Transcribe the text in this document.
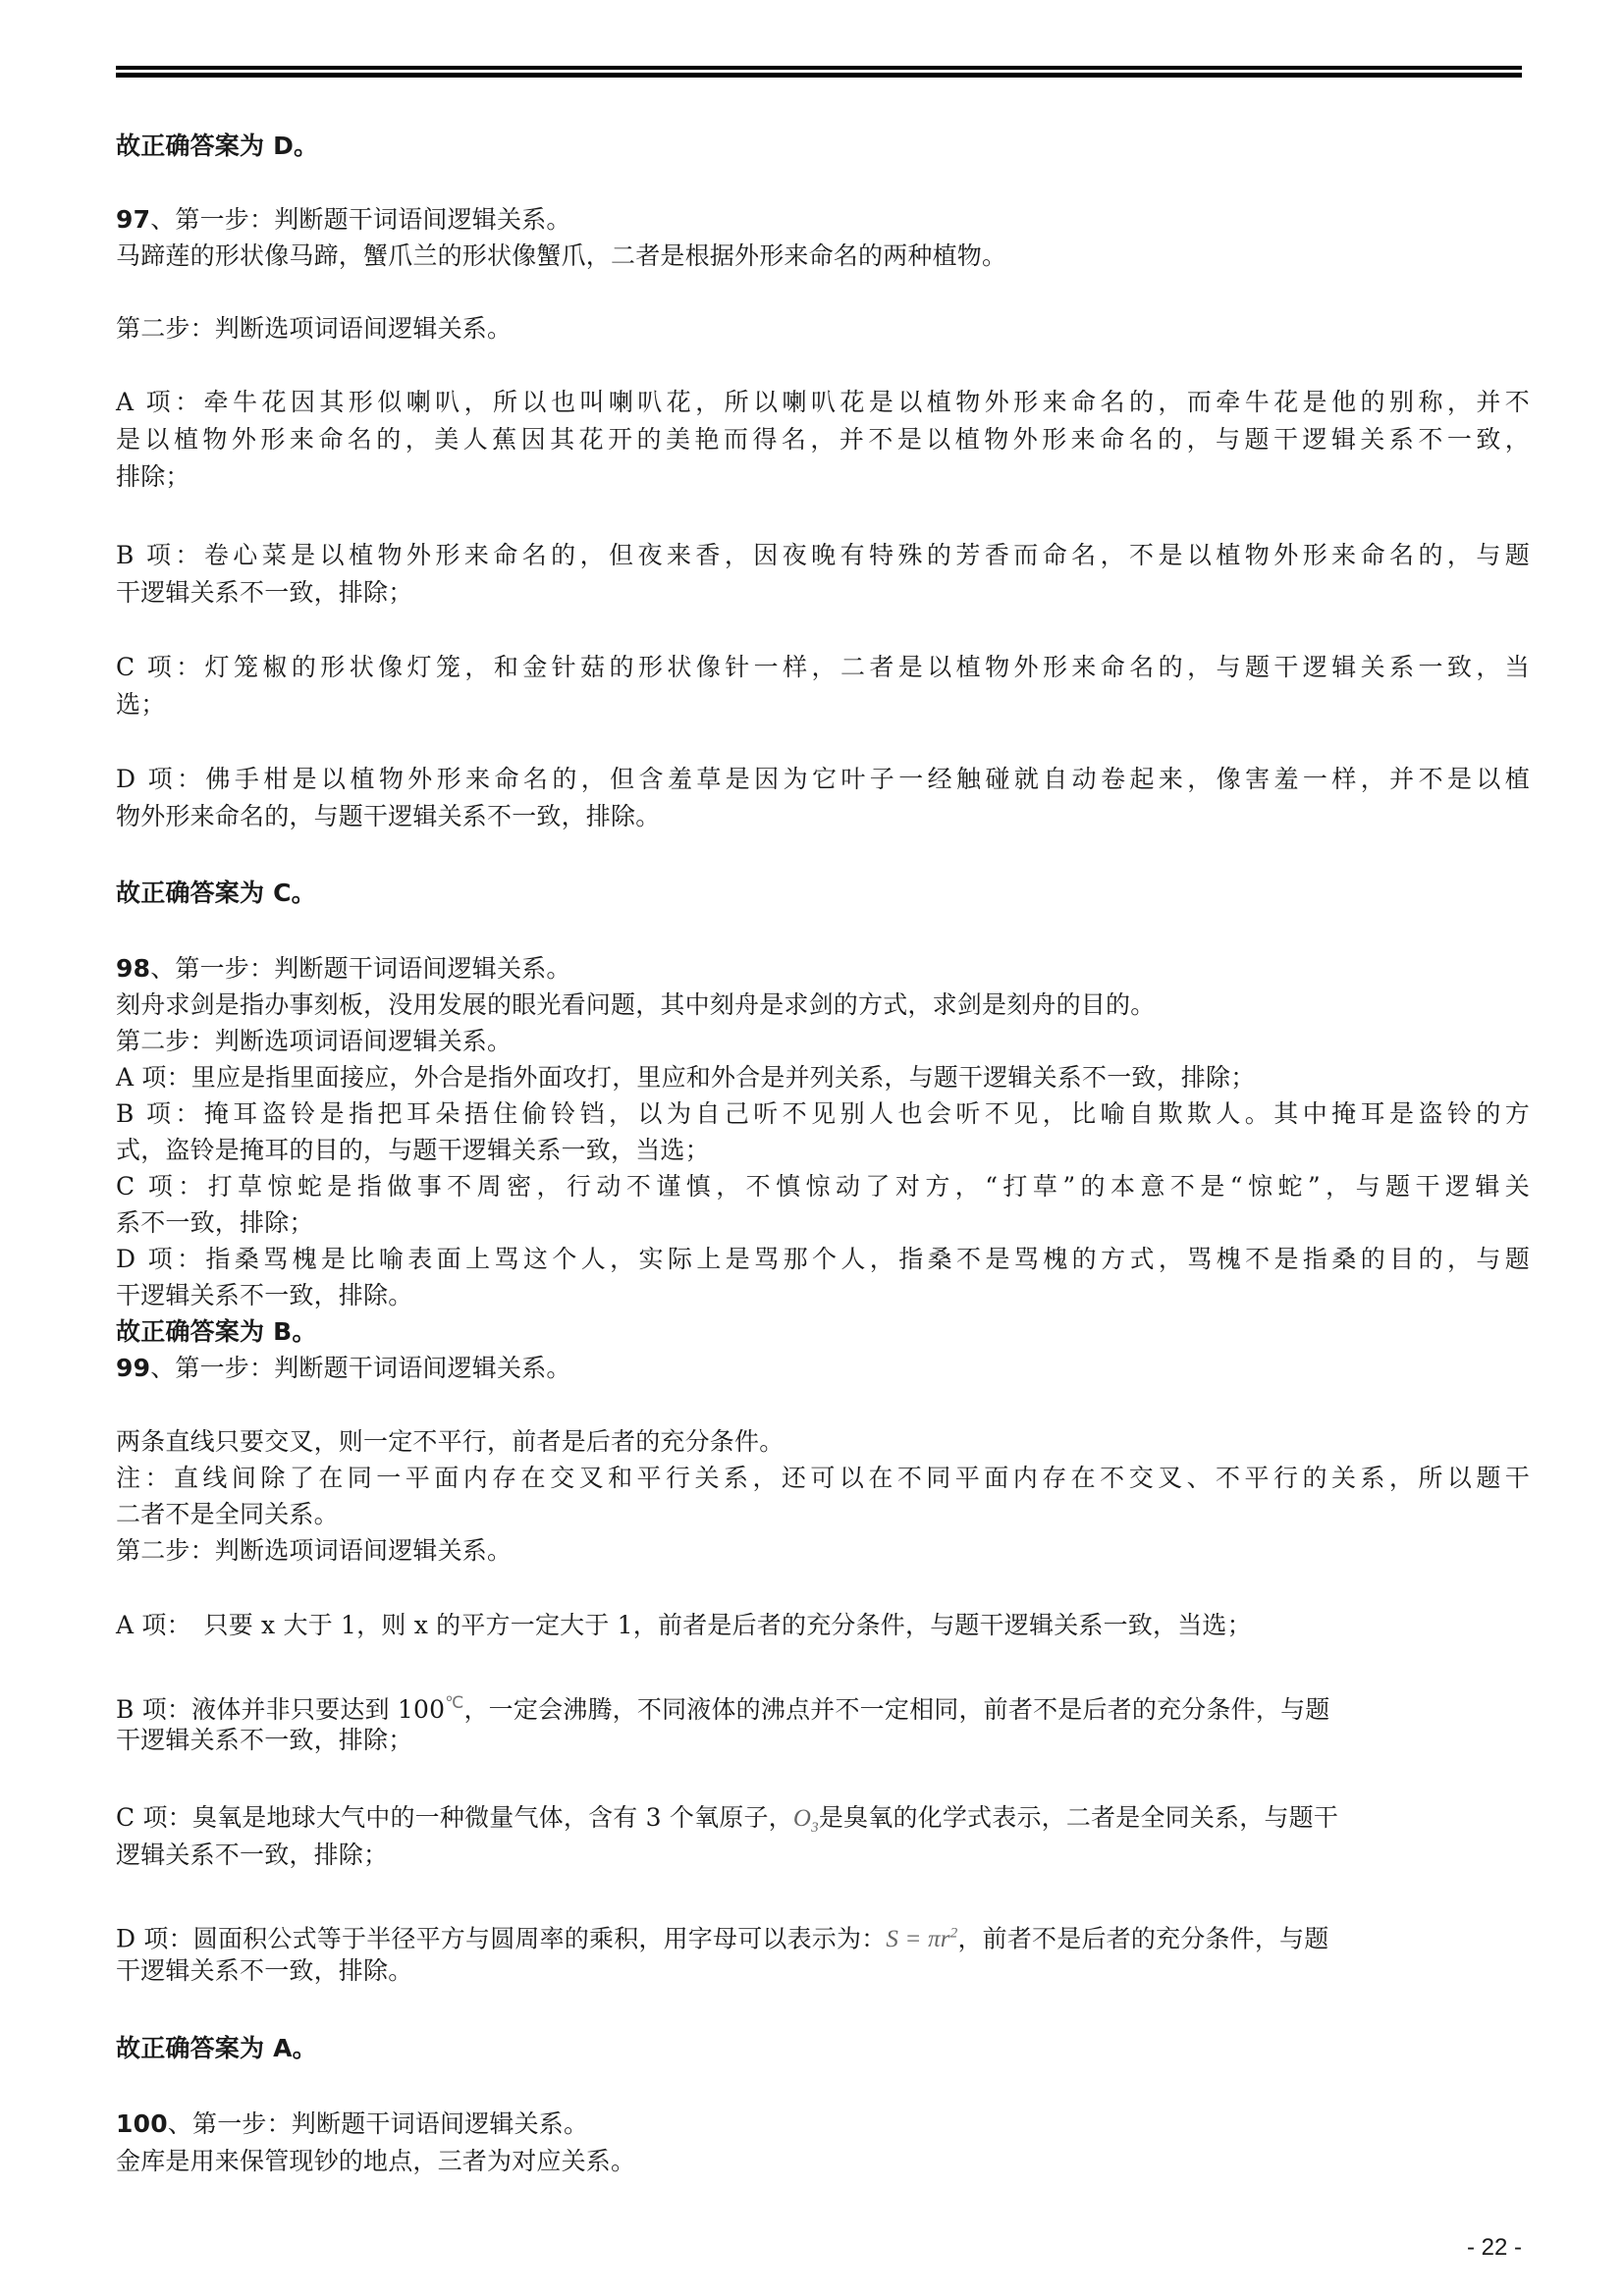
故正确答案为 D。
97、第一步：判断题干词语间逻辑关系。
马蹄莲的形状像马蹄，蟹爪兰的形状像蟹爪，二者是根据外形来命名的两种植物。
第二步：判断选项词语间逻辑关系。
A 项：牵牛花因其形似喇叭，所以也叫喇叭花，所以喇叭花是以植物外形来命名的，而牵牛花是他的别称，并不
是以植物外形来命名的，美人蕉因其花开的美艳而得名，并不是以植物外形来命名的，与题干逻辑关系不一致，
排除；
B 项：卷心菜是以植物外形来命名的，但夜来香，因夜晚有特殊的芳香而命名，不是以植物外形来命名的，与题
干逻辑关系不一致，排除；
C 项：灯笼椒的形状像灯笼，和金针菇的形状像针一样，二者是以植物外形来命名的，与题干逻辑关系一致，当
选；
D 项：佛手柑是以植物外形来命名的，但含羞草是因为它叶子一经触碰就自动卷起来，像害羞一样，并不是以植
物外形来命名的，与题干逻辑关系不一致，排除。
故正确答案为 C。
98、第一步：判断题干词语间逻辑关系。
刻舟求剑是指办事刻板，没用发展的眼光看问题，其中刻舟是求剑的方式，求剑是刻舟的目的。
第二步：判断选项词语间逻辑关系。
A 项：里应是指里面接应，外合是指外面攻打，里应和外合是并列关系，与题干逻辑关系不一致，排除；
B 项：掩耳盗铃是指把耳朵捂住偷铃铛，以为自己听不见别人也会听不见，比喻自欺欺人。其中掩耳是盗铃的方
式，盗铃是掩耳的目的，与题干逻辑关系一致，当选；
C 项：打草惊蛇是指做事不周密，行动不谨慎，不慎惊动了对方，“打草”的本意不是“惊蛇”，与题干逻辑关
系不一致，排除；
D 项：指桑骂槐是比喻表面上骂这个人，实际上是骂那个人，指桑不是骂槐的方式，骂槐不是指桑的目的，与题
干逻辑关系不一致，排除。
故正确答案为 B。
99、第一步：判断题干词语间逻辑关系。
两条直线只要交叉，则一定不平行，前者是后者的充分条件。
注：直线间除了在同一平面内存在交叉和平行关系，还可以在不同平面内存在不交叉、不平行的关系，所以题干
二者不是全同关系。
第二步：判断选项词语间逻辑关系。
A 项：　只要 x 大于 1，则 x 的平方一定大于 1，前者是后者的充分条件，与题干逻辑关系一致，当选；
B 项：液体并非只要达到 100℃，一定会沸腾，不同液体的沸点并不一定相同，前者不是后者的充分条件，与题
干逻辑关系不一致，排除；
C 项：臭氧是地球大气中的一种微量气体，含有 3 个氧原子，$O_3$是臭氧的化学式表示，二者是全同关系，与题干
逻辑关系不一致，排除；
D 项：圆面积公式等于半径平方与圆周率的乘积，用字母可以表示为：$S = \pi r^2$，前者不是后者的充分条件，与题
干逻辑关系不一致，排除。
故正确答案为 A。
100、第一步：判断题干词语间逻辑关系。
金库是用来保管现钞的地点，三者为对应关系。
- 22 -
